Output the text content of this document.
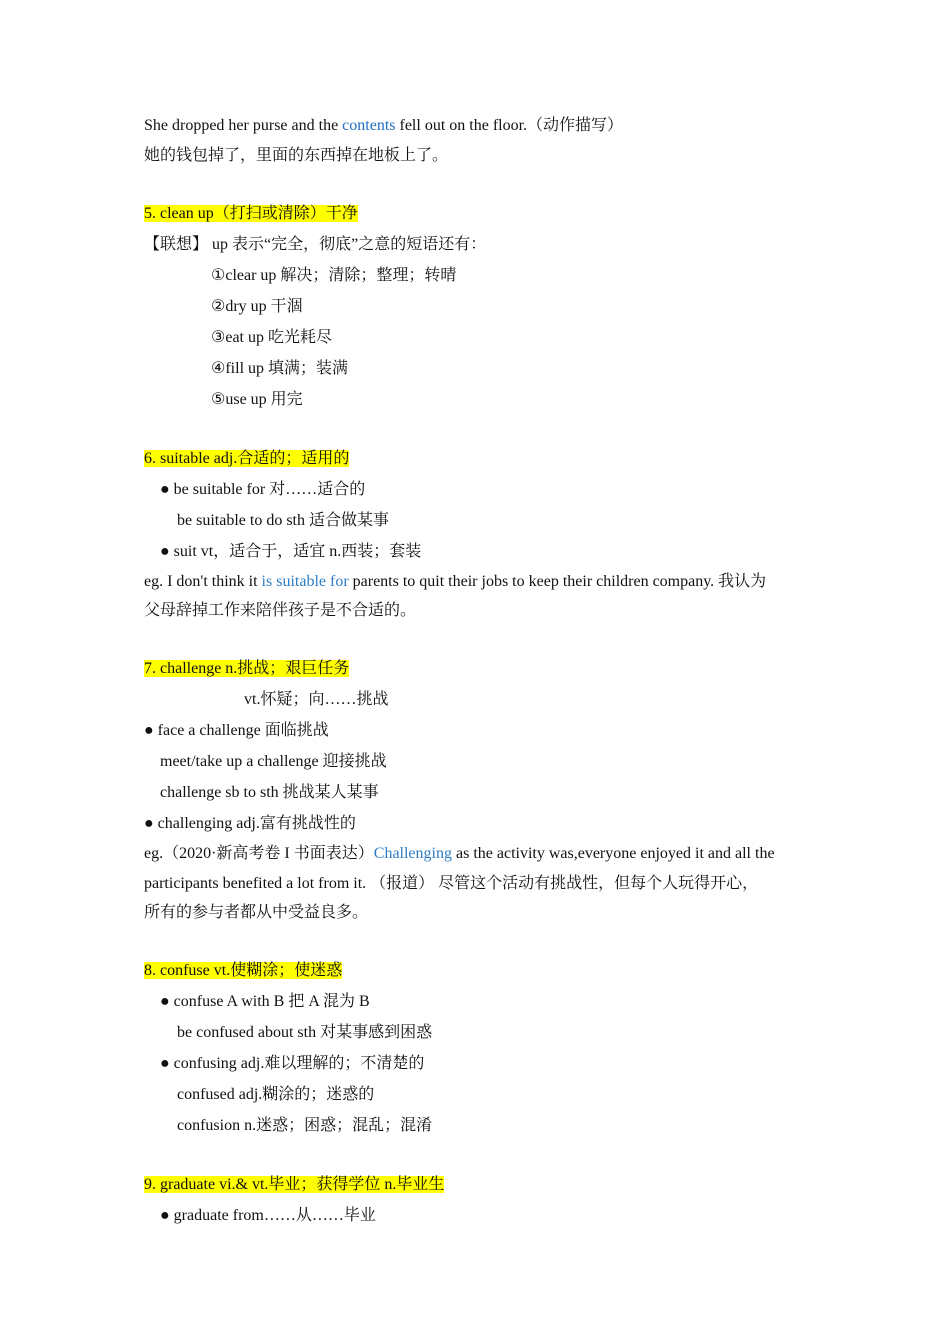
She dropped her purse and the contents fell out on the floor.（动作描写）
她的钱包掉了，里面的东西掉在地板上了。
5. clean up（打扫或清除）干净
【联想】 up 表示“完全，彻底”之意的短语还有：
①clear up 解决；清除；整理；转晴
②dry up 干涸
③eat up 吃光耗尽
④fill up 填满；装满
⑤use up 用完
6. suitable adj.合适的；适用的
● be suitable for 对……适合的
be suitable to do sth 适合做某事
● suit vt，适合于，适宜 n.西装；套装
eg. I don't think it is suitable for parents to quit their jobs to keep their children company. 我认为
父母辞掉工作来陪伴孩子是不合适的。
7. challenge n.挑战；艰巨任务
vt.怀疑；向……挑战
● face a challenge 面临挑战
meet/take up a challenge 迎接挑战
challenge sb to sth 挑战某人某事
● challenging adj.富有挑战性的
eg.（2020·新高考卷 I 书面表达）Challenging as the activity was,everyone enjoyed it and all the
participants benefited a lot from it. （报道） 尽管这个活动有挑战性，但每个人玩得开心，
所有的参与者都从中受益良多。
8. confuse vt.使糊涂；使迷惑
● confuse A with B 把 A 混为 B
be confused about sth 对某事感到困惑
● confusing adj.难以理解的；不清楚的
confused adj.糊涂的；迷惑的
confusion n.迷惑；困惑；混乱；混淆
9. graduate vi.& vt.毕业；获得学位 n.毕业生
● graduate from……从……毕业
